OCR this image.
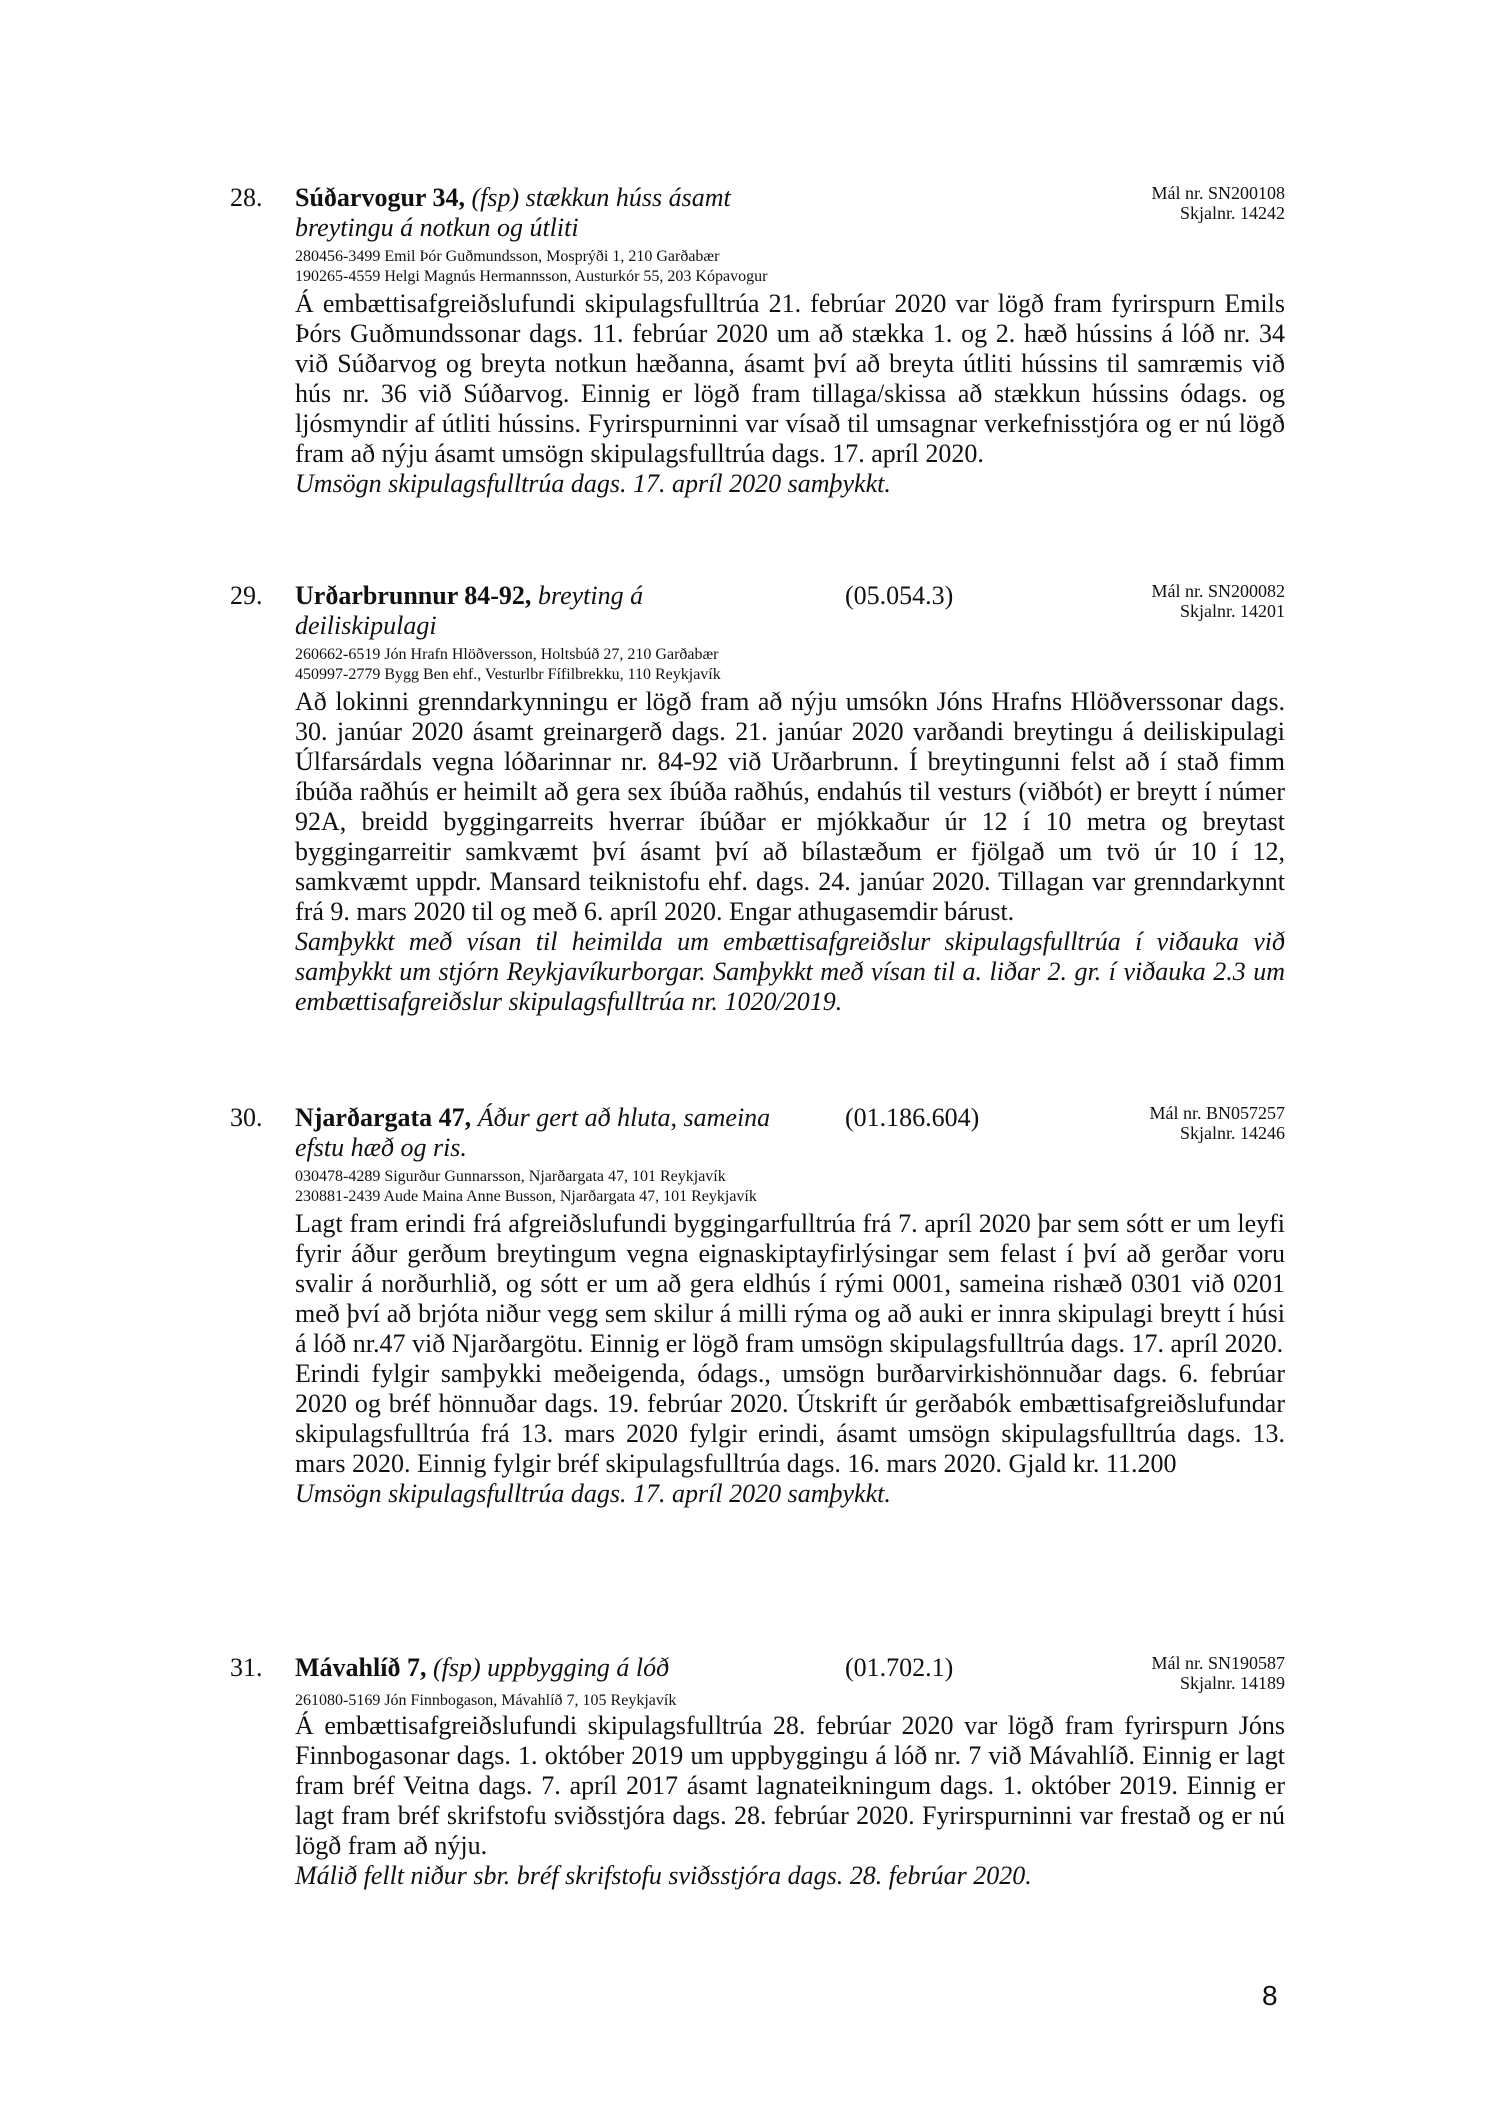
28. Súðarvogur 34, (fsp) stækkun húss ásamt
breytingu á notkun og útliti
Mál nr. SN200108
Skjalnr. 14242
280456-3499 Emil Þór Guðmundsson, Mosprýði 1, 210 Garðabær
190265-4559 Helgi Magnús Hermannsson, Austurkór 55, 203 Kópavogur

Á embættisafgreiðslufundi skipulagsfulltrúa 21. febrúar 2020 var lögð fram fyrirspurn Emils Þórs Guðmundssonar dags. 11. febrúar 2020 um að stækka 1. og 2. hæð hússins á lóð nr. 34 við Súðarvog og breyta notkun hæðanna, ásamt því að breyta útliti hússins til samræmis við hús nr. 36 við Súðarvog. Einnig er lögð fram tillaga/skissa að stækkun hússins ódags. og ljósmyndir af útliti hússins. Fyrirspurninni var vísað til umsagnar verkefnisstjóra og er nú lögð fram að nýju ásamt umsögn skipulagsfulltrúa dags. 17. apríl 2020.

Umsögn skipulagsfulltrúa dags. 17. apríl 2020 samþykkt.

29. Urðarbrunnur 84-92, breyting á
deiliskipulagi
(05.054.3)	Mál nr. SN200082
Skjalnr. 14201
260662-6519 Jón Hrafn Hlöðversson, Holtsbúð 27, 210 Garðabær
450997-2779 Bygg Ben ehf., Vesturlbr Fífilbrekku, 110 Reykjavík

Að lokinni grenndarkynningu er lögð fram að nýju umsókn Jóns Hrafns Hlöðverssonar dags. 30. janúar 2020 ásamt greinargerð dags. 21. janúar 2020 varðandi breytingu á deiliskipulagi Úlfarsárdals vegna lóðarinnar nr. 84-92 við Urðarbrunn. Í breytingunni felst að í stað fimm íbúða raðhús er heimilt að gera sex íbúða raðhús, endahús til vesturs (viðbót) er breytt í númer 92A, breidd byggingarreits hverrar íbúðar er mjókkaður úr 12 í 10 metra og breytast byggingarreitir samkvæmt því ásamt því að bílastæðum er fjölgað um tvö úr 10 í 12, samkvæmt uppdr. Mansard teiknistofu ehf. dags. 24. janúar 2020. Tillagan var grenndarkynnt frá 9. mars 2020 til og með 6. apríl 2020. Engar athugasemdir bárust.

Samþykkt með vísan til heimilda um embættisafgreiðslur skipulagsfulltrúa í viðauka við samþykkt um stjórn Reykjavíkurborgar. Samþykkt með vísan til a. liðar 2. gr. í viðauka 2.3 um embættisafgreiðslur skipulagsfulltrúa nr. 1020/2019.

30. Njarðargata 47, Áður gert að hluta, sameina
efstu hæð og ris.
(01.186.604)	Mál nr. BN057257
Skjalnr. 14246
030478-4289 Sigurður Gunnarsson, Njarðargata 47, 101 Reykjavík
230881-2439 Aude Maina Anne Busson, Njarðargata 47, 101 Reykjavík

Lagt fram erindi frá afgreiðslufundi byggingarfulltrúa frá 7. apríl 2020 þar sem sótt er um leyfi fyrir áður gerðum breytingum vegna eignaskiptayfirlýsingar sem felast í því að gerðar voru svalir á norðurhlið, og sótt er um að gera eldhús í rými 0001, sameina rishæð 0301 við 0201 með því að brjóta niður vegg sem skilur á milli rýma og að auki er innra skipulagi breytt í húsi á lóð nr.47 við Njarðargötu. Einnig er lögð fram umsögn skipulagsfulltrúa dags. 17. apríl 2020.

Erindi fylgir samþykki meðeigenda, ódags., umsögn burðarvirkishönnuðar dags. 6. febrúar 2020 og bréf hönnuðar dags. 19. febrúar 2020. Útskrift úr gerðabók embættisafgreiðslufundar skipulagsfulltrúa frá 13. mars 2020 fylgir erindi, ásamt umsögn skipulagsfulltrúa dags. 13. mars 2020. Einnig fylgir bréf skipulagsfulltrúa dags. 16. mars 2020. Gjald kr. 11.200

Umsögn skipulagsfulltrúa dags. 17. apríl 2020 samþykkt.

31. Mávahlíð 7, (fsp) uppbygging á lóð	(01.702.1)	Mál nr. SN190587
Skjalnr. 14189
261080-5169 Jón Finnbogason, Mávahlíð 7, 105 Reykjavík

Á embættisafgreiðslufundi skipulagsfulltrúa 28. febrúar 2020 var lögð fram fyrirspurn Jóns Finnbogasonar dags. 1. október 2019 um uppbyggingu á lóð nr. 7 við Mávahlíð. Einnig er lagt fram bréf Veitna dags. 7. apríl 2017 ásamt lagnateikningum dags. 1. október 2019. Einnig er lagt fram bréf skrifstofu sviðsstjóra dags. 28. febrúar 2020. Fyrirspurninni var frestað og er nú lögð fram að nýju.

Málið fellt niður sbr. bréf skrifstofu sviðsstjóra dags. 28. febrúar 2020.

8
